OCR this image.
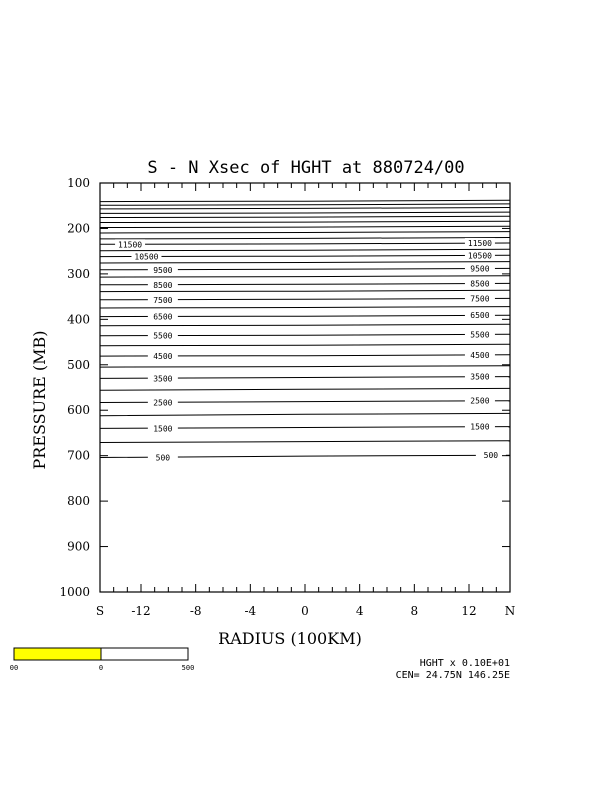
S - N Xsec of HGHT at 880724/00
11500	11500
10500	10500
9500	9500
8500	8500
7500	7500
6500	6500
5500	5500
4500	4500
3500	3500
2500	2500
1500	1500
500	500
S -12	-8	-4	0	4	8	12 N
100
200
300
400
500
600
700
800
900
1000
PRESSURE (MB)
RADIUS (100KM)
00	0	500	HGHT x 0.10E+01
CEN= 24.75N 146.25E
